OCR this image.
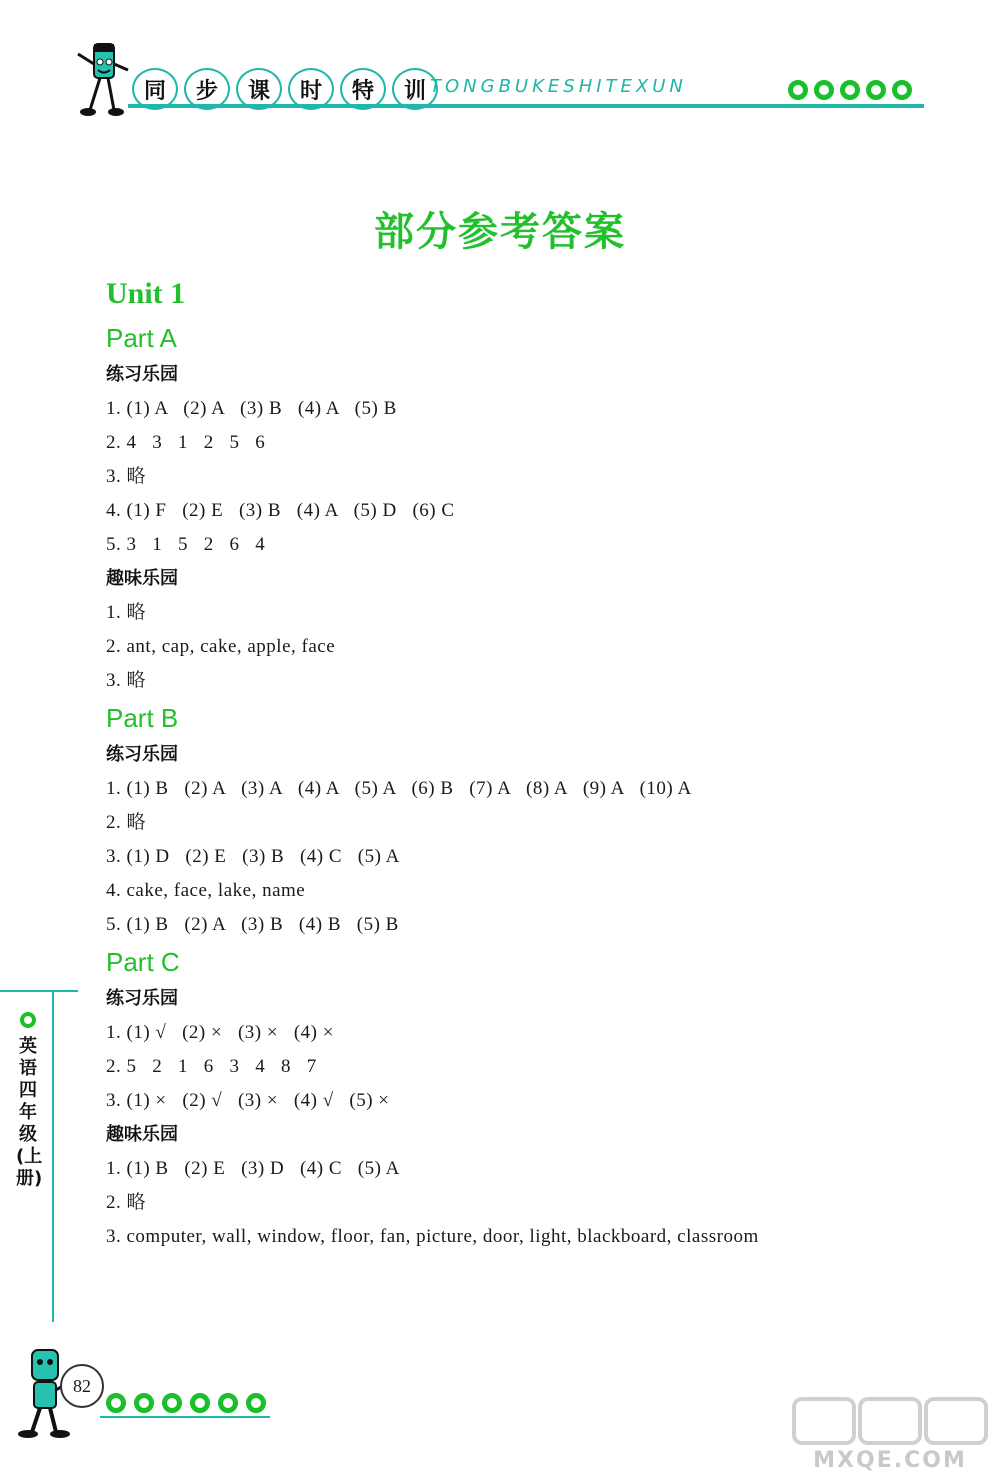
同	步	课	时	特	训 TONGBUKESHITEXUN
部分参考答案
Unit 1
Part A
练习乐园
1. (1) A   (2) A   (3) B   (4) A   (5) B
2. 4   3   1   2   5   6
3. 略
4. (1) F   (2) E   (3) B   (4) A   (5) D   (6) C
5. 3   1   5   2   6   4
趣味乐园
1. 略
2. ant, cap, cake, apple, face
3. 略
Part B
练习乐园
1. (1) B   (2) A   (3) A   (4) A   (5) A   (6) B   (7) A   (8) A   (9) A   (10) A
2. 略
3. (1) D   (2) E   (3) B   (4) C   (5) A
4. cake, face, lake, name
5. (1) B   (2) A   (3) B   (4) B   (5) B
Part C
练习乐园
1. (1) √   (2) ×   (3) ×   (4) ×
2. 5   2   1   6   3   4   8   7
3. (1) ×   (2) √   (3) ×   (4) √   (5) ×
趣味乐园
1. (1) B   (2) E   (3) D   (4) C   (5) A
2. 略
3. computer, wall, window, floor, fan, picture, door, light, blackboard, classroom
英语 四年级(上册)
82
MXQE.COM
